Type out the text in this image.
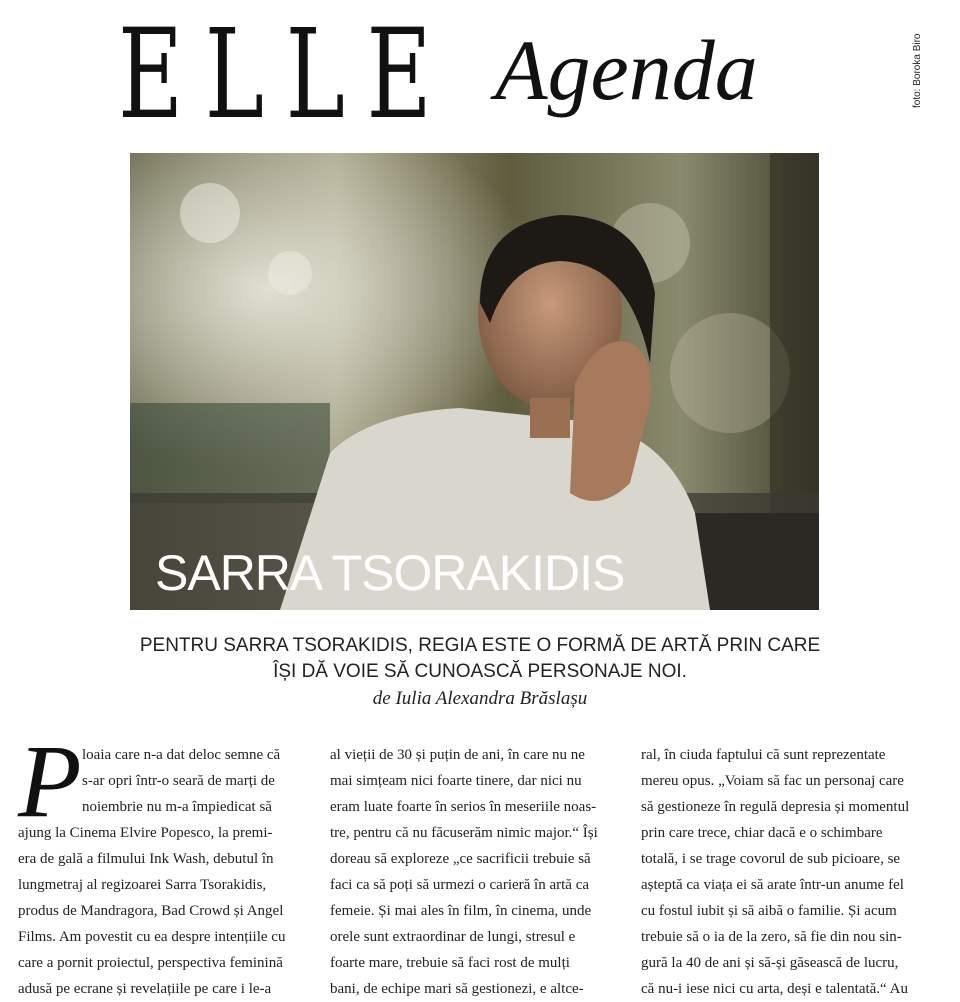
ELLE Agenda	foto: Boroka Biro
SARRA TSORAKIDIS
PENTRU SARRA TSORAKIDIS, REGIA ESTE O FORMĂ DE ARTĂ PRIN CARE
ÎȘI DĂ VOIE SĂ CUNOASCĂ PERSONAJE NOI.
de Iulia Alexandra Brăslașu
P loaia care n-a dat deloc semne că
s-ar opri într-o seară de marți de
noiembrie nu m-a împiedicat să
ajung la Cinema Elvire Popesco, la premi-
era de gală a filmului Ink Wash, debutul în
lungmetraj al regizoarei Sarra Tsorakidis,
produs de Mandragora, Bad Crowd și Angel
Films. Am povestit cu ea despre intențiile cu
care a pornit proiectul, perspectiva feminină
adusă pe ecrane și revelațiile pe care i le-a
al vieții de 30 și puțin de ani, în care nu ne
mai simțeam nici foarte tinere, dar nici nu
eram luate foarte în serios în meseriile noas-
tre, pentru că nu făcuserăm nimic major.“ Își
doreau să exploreze „ce sacrificii trebuie să
faci ca să poți să urmezi o carieră în artă ca
femeie. Și mai ales în film, în cinema, unde
orele sunt extraordinar de lungi, stresul e
foarte mare, trebuie să faci rost de mulți
bani, de echipe mari să gestionezi, e altce-
ral, în ciuda faptului că sunt reprezentate
mereu opus. „Voiam să fac un personaj care
să gestioneze în regulă depresia și momentul
prin care trece, chiar dacă e o schimbare
totală, i se trage covorul de sub picioare, se
așteptă ca viața ei să arate într-un anume fel
cu fostul iubit și să aibă o familie. Și acum
trebuie să o ia de la zero, să fie din nou sin-
gură la 40 de ani și să-și găsească de lucru,
că nu-i iese nici cu arta, deși e talentată.“ Au
